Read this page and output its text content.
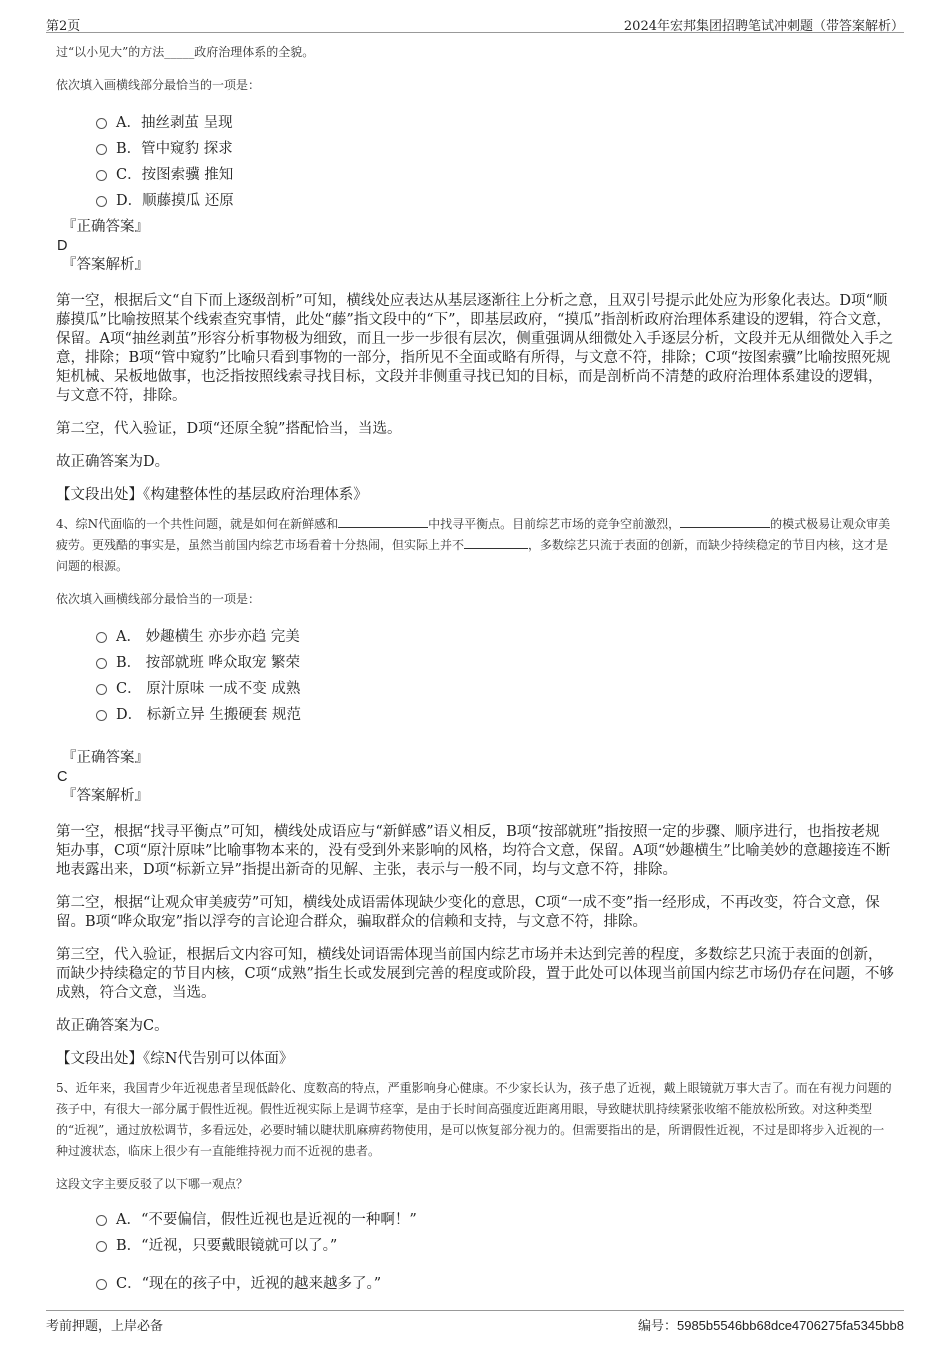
第2页	2024年宏邦集团招聘笔试冲刺题（带答案解析）

过“以小见大”的方法_____政府治理体系的全貌。

依次填入画横线部分最恰当的一项是：

A．抽丝剥茧 呈现
B．管中窥豹 探求
C．按图索骥 推知
D．顺藤摸瓜 还原

『正确答案』

D

『答案解析』

第一空，根据后文“自下而上逐级剖析”可知，横线处应表达从基层逐渐往上分析之意，且双引号提示此处应为形象化表达。D项“顺藤摸瓜”比喻按照某个线索查究事情，此处“藤”指文段中的“下”，即基层政府，“摸瓜”指剖析政府治理体系建设的逻辑，符合文意，保留。A项“抽丝剥茧”形容分析事物极为细致，而且一步一步很有层次，侧重强调从细微处入手逐层分析，文段并无从细微处入手之意，排除；B项“管中窥豹”比喻只看到事物的一部分，指所见不全面或略有所得，与文意不符，排除；C项“按图索骥”比喻按照死规矩机械、呆板地做事，也泛指按照线索寻找目标，文段并非侧重寻找已知的目标，而是剖析尚不清楚的政府治理体系建设的逻辑，与文意不符，排除。

第二空，代入验证，D项“还原全貌”搭配恰当，当选。

故正确答案为D。

【文段出处】《构建整体性的基层政府治理体系》

4、综N代面临的一个共性问题，就是如何在新鲜感和	中找寻平衡点。目前综艺市场的竞争空前激烈，	的模式极易让观众审美疲劳。更残酷的事实是，虽然当前国内综艺市场看着十分热闹，但实际上并不	，多数综艺只流于表面的创新，而缺少持续稳定的节目内核，这才是问题的根源。

依次填入画横线部分最恰当的一项是：

A． 妙趣横生 亦步亦趋 完美
B． 按部就班 哗众取宠 繁荣
C． 原汁原味 一成不变 成熟
D． 标新立异 生搬硬套 规范

『正确答案』

C

『答案解析』

第一空，根据“找寻平衡点”可知，横线处成语应与“新鲜感”语义相反，B项“按部就班”指按照一定的步骤、顺序进行，也指按老规矩办事，C项“原汁原味”比喻事物本来的，没有受到外来影响的风格，均符合文意，保留。A项“妙趣横生”比喻美妙的意趣接连不断地表露出来，D项“标新立异”指提出新奇的见解、主张，表示与一般不同，均与文意不符，排除。

第二空，根据“让观众审美疲劳”可知，横线处成语需体现缺少变化的意思，C项“一成不变”指一经形成，不再改变，符合文意，保留。B项“哗众取宠”指以浮夸的言论迎合群众，骗取群众的信赖和支持，与文意不符，排除。

第三空，代入验证，根据后文内容可知，横线处词语需体现当前国内综艺市场并未达到完善的程度，多数综艺只流于表面的创新，而缺少持续稳定的节目内核，C项“成熟”指生长或发展到完善的程度或阶段，置于此处可以体现当前国内综艺市场仍存在问题，不够成熟，符合文意，当选。

故正确答案为C。

【文段出处】《综N代告别可以体面》

5、近年来，我国青少年近视患者呈现低龄化、度数高的特点，严重影响身心健康。不少家长认为，孩子患了近视，戴上眼镜就万事大吉了。而在有视力问题的孩子中，有很大一部分属于假性近视。假性近视实际上是调节痉挛，是由于长时间高强度近距离用眼，导致睫状肌持续紧张收缩不能放松所致。对这种类型的“近视”，通过放松调节，多看远处，必要时辅以睫状肌麻痹药物使用，是可以恢复部分视力的。但需要指出的是，所谓假性近视，不过是即将步入近视的一种过渡状态，临床上很少有一直能维持视力而不近视的患者。

这段文字主要反驳了以下哪一观点？

A．“不要偏信，假性近视也是近视的一种啊！”
B．“近视，只要戴眼镜就可以了。”
C．“现在的孩子中，近视的越来越多了。”
考前押题，上岸必备	编号：5985b5546bb68dce4706275fa5345bb8
